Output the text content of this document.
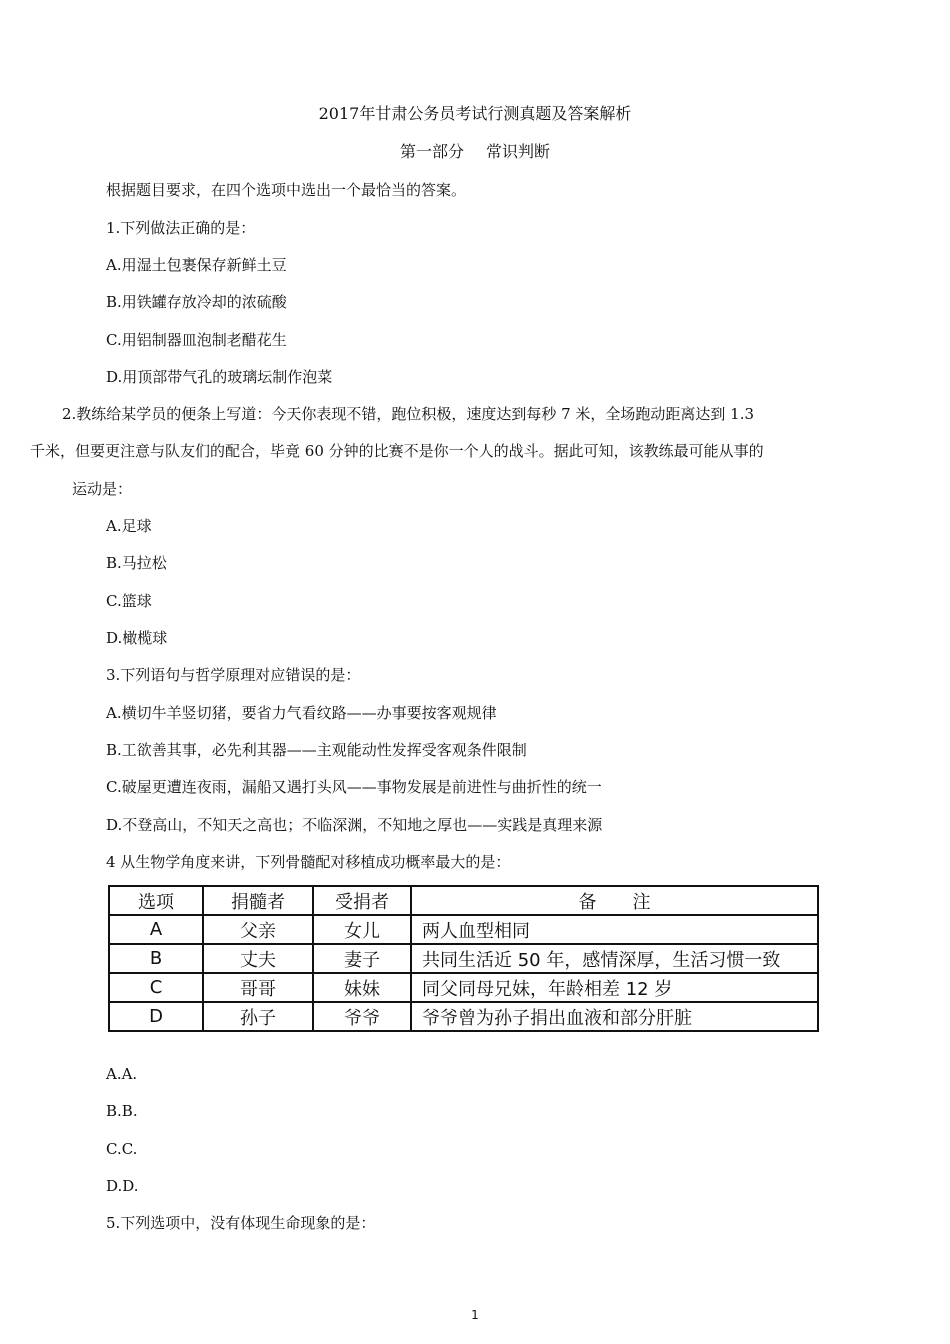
2017年甘肃公务员考试行测真题及答案解析
第一部分 常识判断
根据题目要求，在四个选项中选出一个最恰当的答案。
1.下列做法正确的是：
A.用湿土包裹保存新鲜土豆
B.用铁罐存放冷却的浓硫酸
C.用铝制器皿泡制老醋花生
D.用顶部带气孔的玻璃坛制作泡菜
2.教练给某学员的便条上写道：今天你表现不错，跑位积极，速度达到每秒 7 米，全场跑动距离达到 1.3
千米，但要更注意与队友们的配合，毕竟 60 分钟的比赛不是你一个人的战斗。据此可知，该教练最可能从事的
运动是：
A.足球
B.马拉松
C.篮球
D.橄榄球
3.下列语句与哲学原理对应错误的是：
A.横切牛羊竖切猪，要省力气看纹路——办事要按客观规律
B.工欲善其事，必先利其器——主观能动性发挥受客观条件限制
C.破屋更遭连夜雨，漏船又遇打头风——事物发展是前进性与曲折性的统一
D.不登高山，不知天之高也；不临深渊，不知地之厚也——实践是真理来源
4 从生物学角度来讲，下列骨髓配对移植成功概率最大的是：
选项	捐髓者	受捐者	备　　注
A	父亲	女儿	两人血型相同
B	丈夫	妻子	共同生活近 50 年，感情深厚，生活习惯一致
C	哥哥	妹妹	同父同母兄妹，年龄相差 12 岁
D	孙子	爷爷	爷爷曾为孙子捐出血液和部分肝脏
A.A.
B.B.
C.C.
D.D.
5.下列选项中，没有体现生命现象的是：
1
